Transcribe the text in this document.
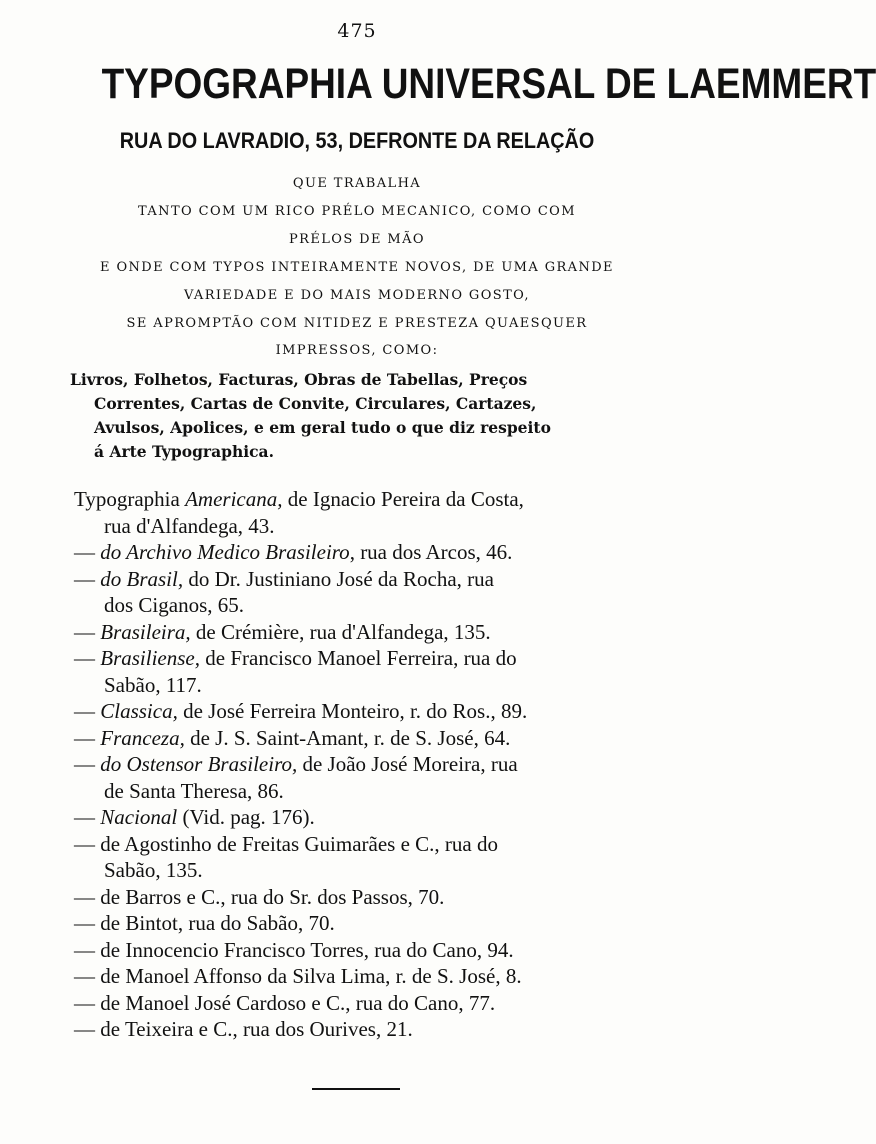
475
TYPOGRAPHIA UNIVERSAL DE LAEMMERT
RUA DO LAVRADIO, 53, DEFRONTE DA RELAÇÃO
QUE TRABALHA
TANTO COM UM RICO PRÉLO MECANICO, COMO COM
PRÉLOS DE MÃO
E ONDE COM TYPOS INTEIRAMENTE NOVOS, DE UMA GRANDE
VARIEDADE E DO MAIS MODERNO GOSTO,
SE APROMPTÃO COM NITIDEZ E PRESTEZA QUAESQUER
IMPRESSOS, COMO:
Livros, Folhetos, Facturas, Obras de Tabellas, Preços
Correntes, Cartas de Convite, Circulares, Cartazes,
Avulsos, Apolices, e em geral tudo o que diz respeito
á Arte Typographica.
Typographia Americana, de Ignacio Pereira da Costa,
rua d'Alfandega, 43.
— do Archivo Medico Brasileiro, rua dos Arcos, 46.
— do Brasil, do Dr. Justiniano José da Rocha, rua
dos Ciganos, 65.
— Brasileira, de Crémière, rua d'Alfandega, 135.
— Brasiliense, de Francisco Manoel Ferreira, rua do
Sabão, 117.
— Classica, de José Ferreira Monteiro, r. do Ros., 89.
— Franceza, de J. S. Saint-Amant, r. de S. José, 64.
— do Ostensor Brasileiro, de João José Moreira, rua
de Santa Theresa, 86.
— Nacional (Vid. pag. 176).
— de Agostinho de Freitas Guimarães e C., rua do
Sabão, 135.
— de Barros e C., rua do Sr. dos Passos, 70.
— de Bintot, rua do Sabão, 70.
— de Innocencio Francisco Torres, rua do Cano, 94.
— de Manoel Affonso da Silva Lima, r. de S. José, 8.
— de Manoel José Cardoso e C., rua do Cano, 77.
— de Teixeira e C., rua dos Ourives, 21.
